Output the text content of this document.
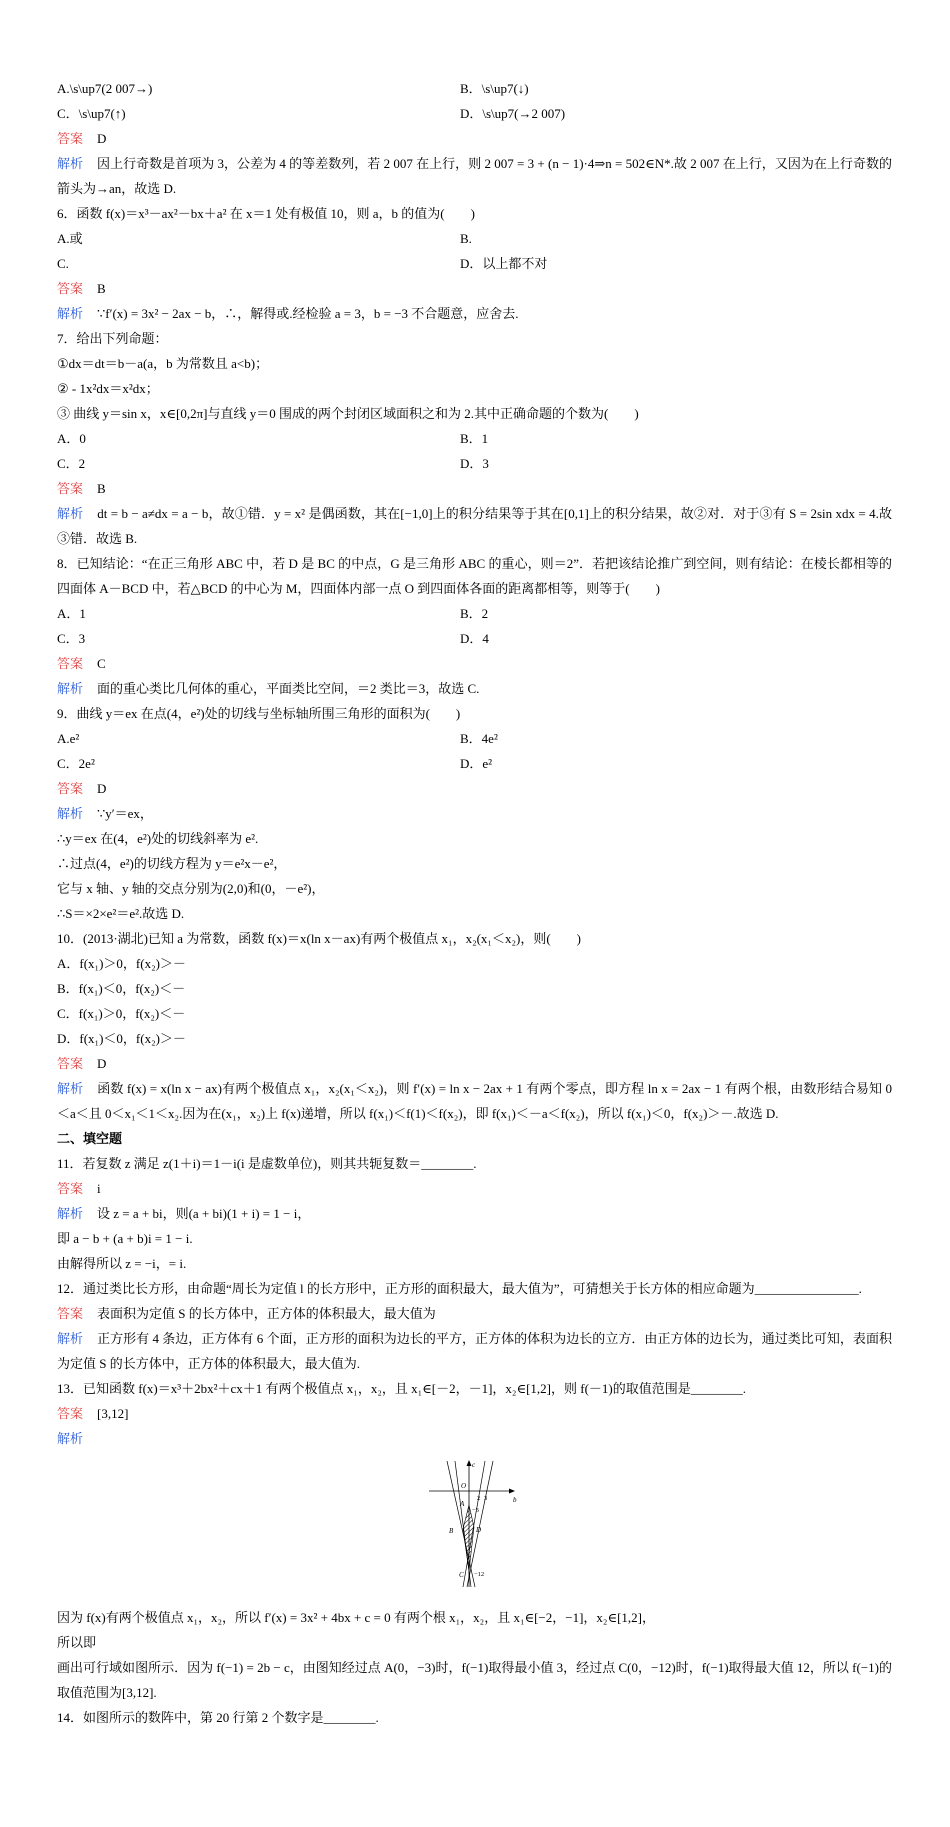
A.\s\up7(2 007→)	B．\s\up7(↓)
C．\s\up7(↑)	D．\s\up7(→2 007)
答案 D
解析 因上行奇数是首项为 3，公差为 4 的等差数列，若 2 007 在上行，则 2 007 = 3 + (n − 1)·4⇒n = 502∈N*.故 2 007 在上行，又因为在上行奇数的箭头为→an，故选 D.
6．函数 f(x)＝x³－ax²－bx＋a² 在 x＝1 处有极值 10，则 a，b 的值为(　　)
A.或	B.
C.	D．以上都不对
答案 B
解析 ∵f′(x) = 3x² − 2ax − b，∴，解得或.经检验 a = 3，b = −3 不合题意，应舍去.
7．给出下列命题：
①dx＝dt＝b－a(a，b 为常数且 a<b)；
② - 1x²dx＝x²dx；
③ 曲线 y＝sin x，x∈[0,2π]与直线 y＝0 围成的两个封闭区域面积之和为 2.其中正确命题的个数为(　　)
A．0	B．1
C．2	D．3
答案 B
解析 dt = b − a≠dx = a − b，故①错．y = x² 是偶函数，其在[−1,0]上的积分结果等于其在[0,1]上的积分结果，故②对．对于③有 S = 2sin xdx = 4.故③错．故选 B.
8．已知结论：“在正三角形 ABC 中，若 D 是 BC 的中点，G 是三角形 ABC 的重心，则＝2”．若把该结论推广到空间，则有结论：在棱长都相等的四面体 A－BCD 中，若△BCD 的中心为 M，四面体内部一点 O 到四面体各面的距离都相等，则等于(　　)
A．1	B．2
C．3	D．4
答案 C
解析 面的重心类比几何体的重心，平面类比空间，＝2 类比＝3，故选 C.
9．曲线 y＝ex 在点(4，e²)处的切线与坐标轴所围三角形的面积为(　　)
A.e²	B．4e²
C．2e²	D．e²
答案 D
解析 ∵y′＝ex，
∴y＝ex 在(4，e²)处的切线斜率为 e².
∴过点(4，e²)的切线方程为 y＝e²x－e²，
它与 x 轴、y 轴的交点分别为(2,0)和(0，－e²)，
∴S＝×2×e²＝e².故选 D.
10．(2013·湖北)已知 a 为常数，函数 f(x)＝x(ln x－ax)有两个极值点 x₁，x₂(x₁＜x₂)，则(　　)
A．f(x₁)＞0，f(x₂)＞－
B．f(x₁)＜0，f(x₂)＜－
C．f(x₁)＞0，f(x₂)＜－
D．f(x₁)＜0，f(x₂)＞－
答案 D
解析 函数 f(x) = x(ln x − ax)有两个极值点 x₁，x₂(x₁＜x₂)，则 f′(x) = ln x − 2ax + 1 有两个零点，即方程 ln x = 2ax − 1 有两个根，由数形结合易知 0＜a＜且 0＜x₁＜1＜x₂.因为在(x₁，x₂)上 f(x)递增，所以 f(x₁)＜f(1)＜f(x₂)，即 f(x₁)＜－a＜f(x₂)，所以 f(x₁)＜0，f(x₂)＞－.故选 D.
二、填空题
11．若复数 z 满足 z(1＋i)＝1－i(i 是虚数单位)，则其共轭复数＝________.
答案 i
解析 设 z = a + bi，则(a + bi)(1 + i) = 1 − i，
即 a − b + (a + b)i = 1 − i.
由解得所以 z = −i，= i.
12．通过类比长方形，由命题“周长为定值 l 的长方形中，正方形的面积最大，最大值为”，可猜想关于长方体的相应命题为________________.
答案 表面积为定值 S 的长方体中，正方体的体积最大，最大值为
解析 正方形有 4 条边，正方体有 6 个面，正方形的面积为边长的平方，正方体的体积为边长的立方．由正方体的边长为，通过类比可知，表面积为定值 S 的长方体中，正方体的体积最大，最大值为.
13．已知函数 f(x)＝x³＋2bx²＋cx＋1 有两个极值点 x₁，x₂，且 x₁∈[－2，－1]，x₂∈[1,2]，则 f(－1)的取值范围是________.
答案 [3,12]
解析
c
b
O
2 3
A
−3
B	D
C −12
因为 f(x)有两个极值点 x₁，x₂，所以 f′(x) = 3x² + 4bx + c = 0 有两个根 x₁，x₂，且 x₁∈[−2，−1]，x₂∈[1,2]，
所以即
画出可行域如图所示．因为 f(−1) = 2b − c，由图知经过点 A(0，−3)时，f(−1)取得最小值 3，经过点 C(0，−12)时，f(−1)取得最大值 12，所以 f(−1)的取值范围为[3,12].
14．如图所示的数阵中，第 20 行第 2 个数字是________.
